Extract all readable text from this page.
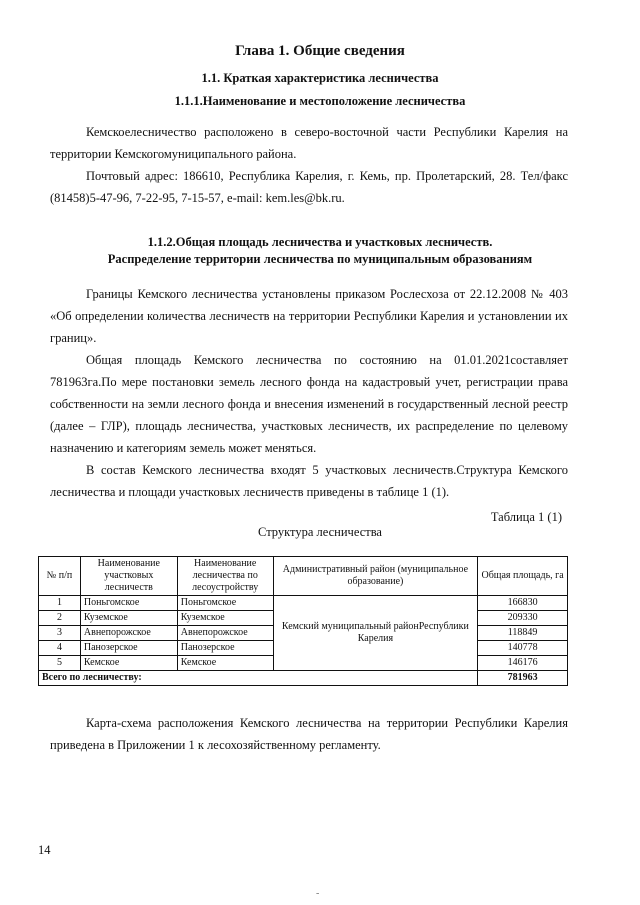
Глава 1. Общие сведения
1.1. Краткая характеристика лесничества
1.1.1.Наименование и местоположение лесничества
Кемскоелесничество расположено в северо-восточной части Республики Карелия на территории Кемскогомуниципального района.
Почтовый адрес: 186610, Республика Карелия, г. Кемь, пр. Пролетарский, 28. Тел/факс (81458)5-47-96, 7-22-95, 7-15-57, e-mail: kem.les@bk.ru.
1.1.2.Общая площадь лесничества и участковых лесничеств.
Распределение территории лесничества по муниципальным образованиям
Границы Кемского лесничества установлены приказом Рослесхоза от 22.12.2008 № 403 «Об определении количества лесничеств на территории Республики Карелия и установлении их границ».
Общая площадь Кемского лесничества по состоянию на 01.01.2021составляет 781963га.По мере постановки земель лесного фонда на кадастровый учет, регистрации права собственности на земли лесного фонда и внесения изменений в государственный лесной реестр (далее – ГЛР), площадь лесничества, участковых лесничеств, их распределение по целевому назначению и категориям земель может меняться.
В состав Кемского лесничества входят 5 участковых лесничеств.Структура Кемского лесничества и площади участковых лесничеств приведены в таблице 1 (1).
Таблица 1 (1)
Структура лесничества
№ п/п	Наименование участковых лесничеств	Наименование лесничества по лесоустройству	Административный район (муниципальное образование)	Общая площадь, га
1	Поньгомское	Поньгомское	Кемский муниципальный районРеспублики Карелия	166830
2	Куземское	Куземское		209330
3	Авнепорожское	Авнепорожское		118849
4	Панозерское	Панозерское		140778
5	Кемское	Кемское		146176
Всего по лесничеству:				781963
Карта-схема расположения Кемского лесничества на территории Республики Карелия приведена в Приложении 1 к лесохозяйственному регламенту.
14
-
